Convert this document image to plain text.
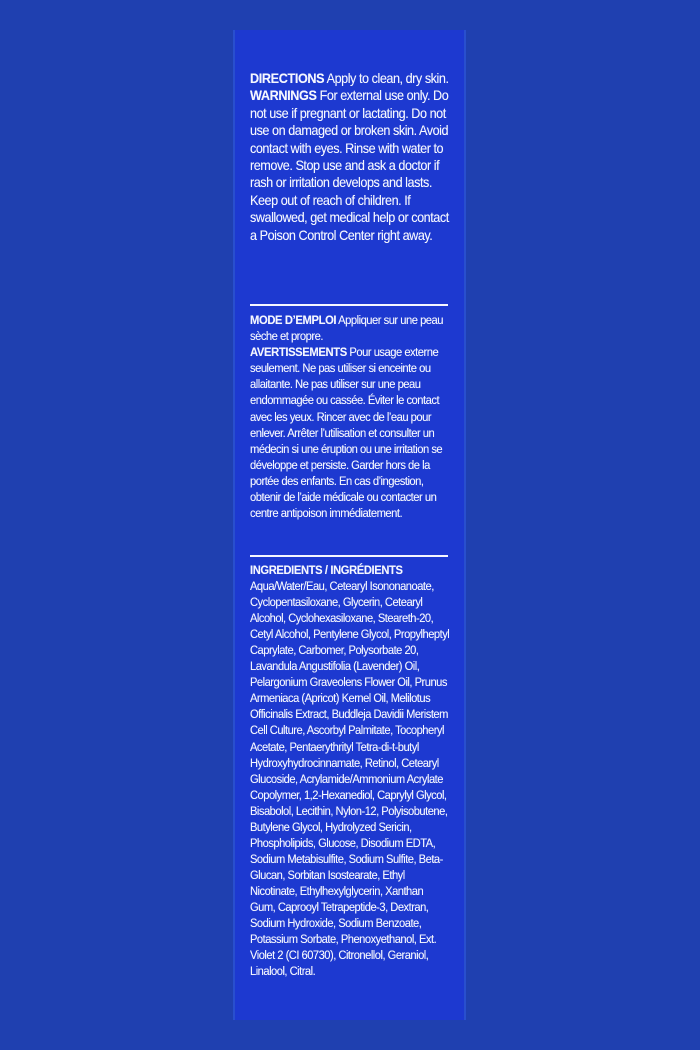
DIRECTIONS Apply to clean, dry skin.

WARNINGS For external use only. Do not use if pregnant or lactating. Do not use on damaged or broken skin. Avoid contact with eyes. Rinse with water to remove. Stop use and ask a doctor if rash or irritation develops and lasts. Keep out of reach of children. If swallowed, get medical help or contact a Poison Control Center right away.

MODE D’EMPLOI Appliquer sur une peau sèche et propre.

AVERTISSEMENTS Pour usage externe seulement. Ne pas utiliser si enceinte ou allaitante. Ne pas utiliser sur une peau endommagée ou cassée. Éviter le contact avec les yeux. Rincer avec de l’eau pour enlever. Arrêter l’utilisation et consulter un médecin si une éruption ou une irritation se développe et persiste. Garder hors de la portée des enfants. En cas d’ingestion, obtenir de l’aide médicale ou contacter un centre antipoison immédiatement.

INGREDIENTS / INGRÉDIENTS
Aqua/Water/Eau, Cetearyl Isononanoate, Cyclopentasiloxane, Glycerin, Cetearyl Alcohol, Cyclohexasiloxane, Steareth-20, Cetyl Alcohol, Pentylene Glycol, Propylheptyl Caprylate, Carbomer, Polysorbate 20, Lavandula Angustifolia (Lavender) Oil, Pelargonium Graveolens Flower Oil, Prunus Armeniaca (Apricot) Kernel Oil, Melilotus Officinalis Extract, Buddleja Davidii Meristem Cell Culture, Ascorbyl Palmitate, Tocopheryl Acetate, Pentaerythrityl Tetra-di-t-butyl Hydroxyhydrocinnamate, Retinol, Cetearyl Glucoside, Acrylamide/Ammonium Acrylate Copolymer, 1,2-Hexanediol, Caprylyl Glycol, Bisabolol, Lecithin, Nylon-12, Polyisobutene, Butylene Glycol, Hydrolyzed Sericin, Phospholipids, Glucose, Disodium EDTA, Sodium Metabisulfite, Sodium Sulfite, Beta-Glucan, Sorbitan Isostearate, Ethyl Nicotinate, Ethylhexylglycerin, Xanthan Gum, Caprooyl Tetrapeptide-3, Dextran, Sodium Hydroxide, Sodium Benzoate, Potassium Sorbate, Phenoxyethanol, Ext. Violet 2 (CI 60730), Citronellol, Geraniol, Linalool, Citral.
